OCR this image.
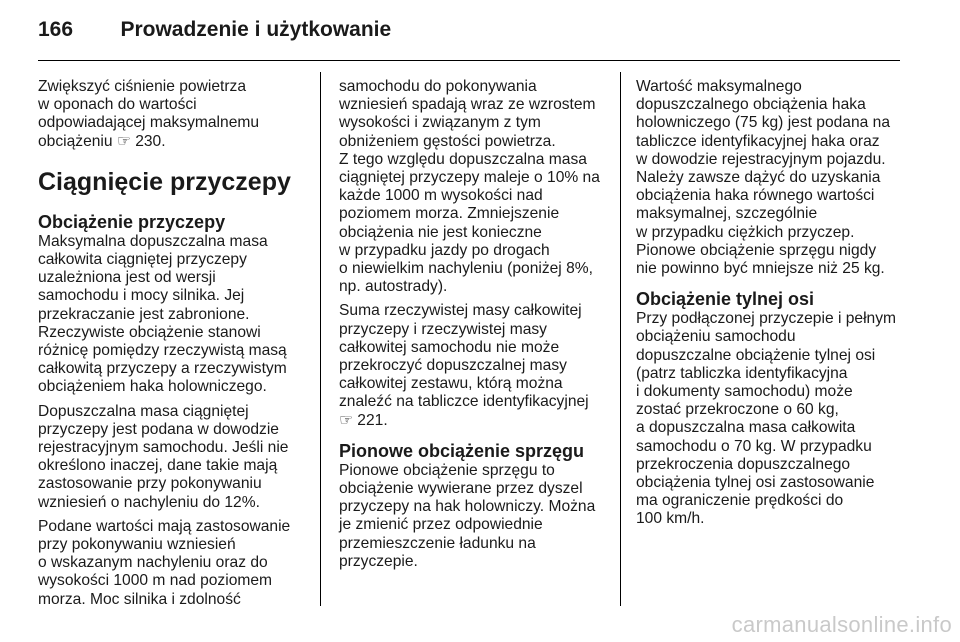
166 Prowadzenie i użytkowanie
Zwiększyć ciśnienie powietrza
w oponach do wartości
odpowiadającej maksymalnemu
obciążeniu ☞ 230.
Ciągnięcie przyczepy
Obciążenie przyczepy
Maksymalna dopuszczalna masa
całkowita ciągniętej przyczepy
uzależniona jest od wersji
samochodu i mocy silnika. Jej
przekraczanie jest zabronione.
Rzeczywiste obciążenie stanowi
różnicę pomiędzy rzeczywistą masą
całkowitą przyczepy a rzeczywistym
obciążeniem haka holowniczego.
Dopuszczalna masa ciągniętej
przyczepy jest podana w dowodzie
rejestracyjnym samochodu. Jeśli nie
określono inaczej, dane takie mają
zastosowanie przy pokonywaniu
wzniesień o nachyleniu do 12%.
Podane wartości mają zastosowanie
przy pokonywaniu wzniesień
o wskazanym nachyleniu oraz do
wysokości 1000 m nad poziomem
morza. Moc silnika i zdolność
samochodu do pokonywania
wzniesień spadają wraz ze wzrostem
wysokości i związanym z tym
obniżeniem gęstości powietrza.
Z tego względu dopuszczalna masa
ciągniętej przyczepy maleje o 10% na
każde 1000 m wysokości nad
poziomem morza. Zmniejszenie
obciążenia nie jest konieczne
w przypadku jazdy po drogach
o niewielkim nachyleniu (poniżej 8%,
np. autostrady).
Suma rzeczywistej masy całkowitej
przyczepy i rzeczywistej masy
całkowitej samochodu nie może
przekroczyć dopuszczalnej masy
całkowitej zestawu, którą można
znaleźć na tabliczce identyfikacyjnej
☞ 221.
Pionowe obciążenie sprzęgu
Pionowe obciążenie sprzęgu to
obciążenie wywierane przez dyszel
przyczepy na hak holowniczy. Można
je zmienić przez odpowiednie
przemieszczenie ładunku na
przyczepie.
Wartość maksymalnego
dopuszczalnego obciążenia haka
holowniczego (75 kg) jest podana na
tabliczce identyfikacyjnej haka oraz
w dowodzie rejestracyjnym pojazdu.
Należy zawsze dążyć do uzyskania
obciążenia haka równego wartości
maksymalnej, szczególnie
w przypadku ciężkich przyczep.
Pionowe obciążenie sprzęgu nigdy
nie powinno być mniejsze niż 25 kg.
Obciążenie tylnej osi
Przy podłączonej przyczepie i pełnym
obciążeniu samochodu
dopuszczalne obciążenie tylnej osi
(patrz tabliczka identyfikacyjna
i dokumenty samochodu) może
zostać przekroczone o 60 kg,
a dopuszczalna masa całkowita
samochodu o 70 kg. W przypadku
przekroczenia dopuszczalnego
obciążenia tylnej osi zastosowanie
ma ograniczenie prędkości do
100 km/h.
carmanualsonline.info
